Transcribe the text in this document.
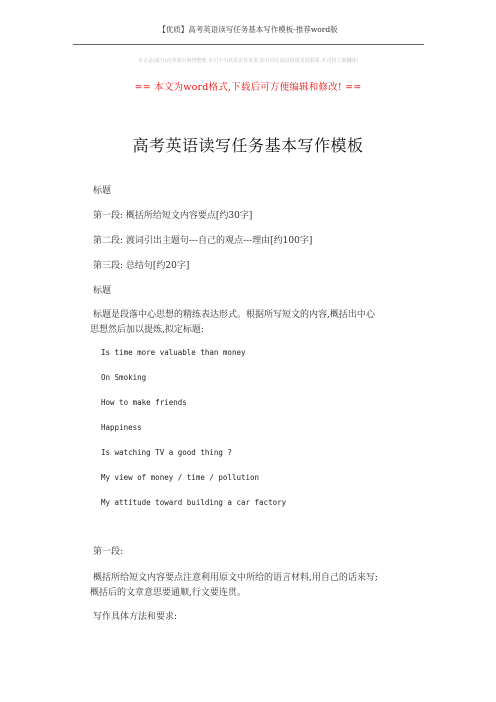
【优质】高考英语读写任务基本写作模板-推荐word版
本文是(部分)内容来自网络整理,本司不为其真实性负责,如有异议或侵权请及时联系,本司将立即删除!
== 本文为word格式,下载后可方便编辑和修改! ==
高考英语读写任务基本写作模板
标题
第一段: 概括所给短文内容要点[约30字]
第二段: 渡词引出主题句---自己的观点---理由[约100字]
第三段: 总结句[约20字]
标题
标题是段落中心思想的精练表达形式。根据所写短文的内容,概括出中心
思想然后加以提炼,拟定标题:
Is time more valuable than money
On Smoking
How to make friends
Happiness
Is watching TV a good thing ?
My view of money / time / pollution
My attitude toward building a car factory
第一段:
概括所给短文内容要点注意利用原文中所给的语言材料,用自己的话来写;
概括后的文章意思要通顺,行文要连贯。
写作具体方法和要求:
